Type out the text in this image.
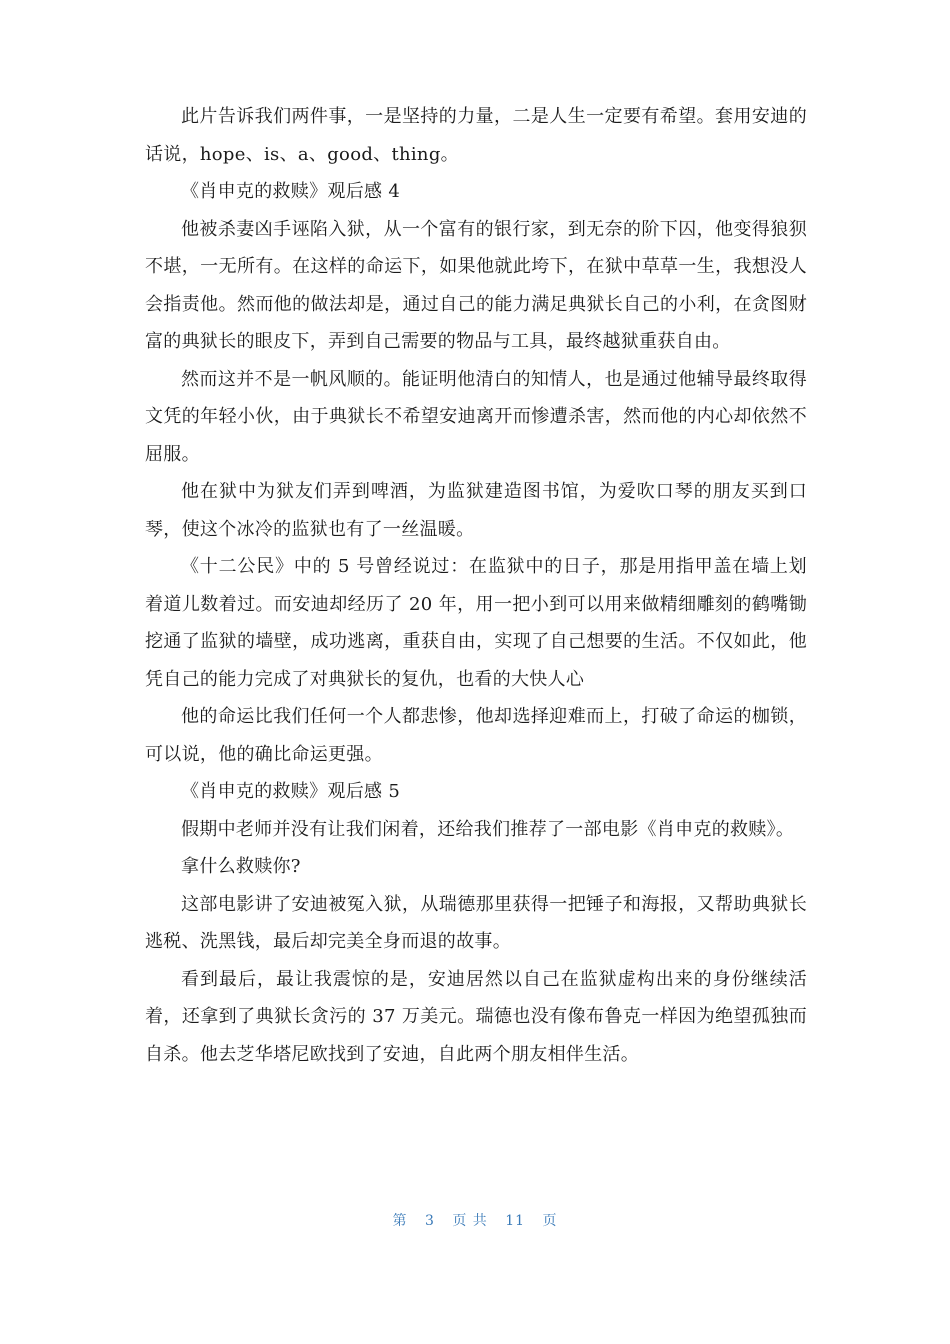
此片告诉我们两件事，一是坚持的力量，二是人生一定要有希望。套用安迪的话说，hope、is、a、good、thing。

《肖申克的救赎》观后感 4

他被杀妻凶手诬陷入狱，从一个富有的银行家，到无奈的阶下囚，他变得狼狈不堪，一无所有。在这样的命运下，如果他就此垮下，在狱中草草一生，我想没人会指责他。然而他的做法却是，通过自己的能力满足典狱长自己的小利，在贪图财富的典狱长的眼皮下，弄到自己需要的物品与工具，最终越狱重获自由。

然而这并不是一帆风顺的。能证明他清白的知情人，也是通过他辅导最终取得文凭的年轻小伙，由于典狱长不希望安迪离开而惨遭杀害，然而他的内心却依然不屈服。

他在狱中为狱友们弄到啤酒，为监狱建造图书馆，为爱吹口琴的朋友买到口琴，使这个冰冷的监狱也有了一丝温暖。

《十二公民》中的 5 号曾经说过：在监狱中的日子，那是用指甲盖在墙上划着道儿数着过。而安迪却经历了 20 年，用一把小到可以用来做精细雕刻的鹤嘴锄挖通了监狱的墙壁，成功逃离，重获自由，实现了自己想要的生活。不仅如此，他凭自己的能力完成了对典狱长的复仇，也看的大快人心

他的命运比我们任何一个人都悲惨，他却选择迎难而上，打破了命运的枷锁，可以说，他的确比命运更强。

《肖申克的救赎》观后感 5

假期中老师并没有让我们闲着，还给我们推荐了一部电影《肖申克的救赎》。

拿什么救赎你?

这部电影讲了安迪被冤入狱，从瑞德那里获得一把锤子和海报，又帮助典狱长逃税、洗黑钱，最后却完美全身而退的故事。

看到最后，最让我震惊的是，安迪居然以自己在监狱虚构出来的身份继续活着，还拿到了典狱长贪污的 37 万美元。瑞德也没有像布鲁克一样因为绝望孤独而自杀。他去芝华塔尼欧找到了安迪，自此两个朋友相伴生活。

第 3 页 共 11 页
